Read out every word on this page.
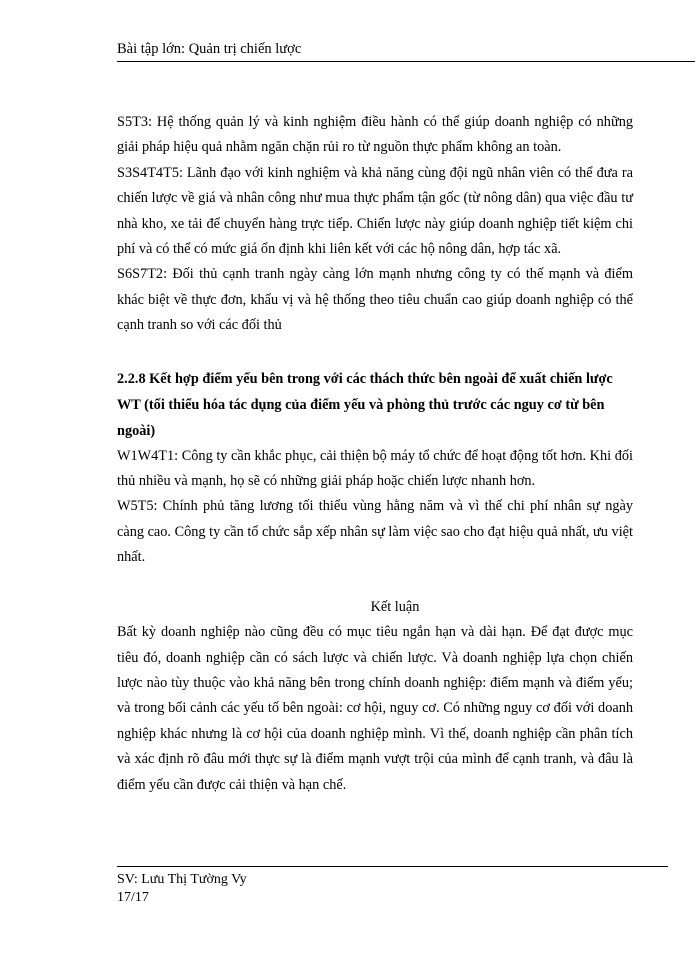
Bài tập lớn: Quản trị chiến lược

S5T3: Hệ thống quản lý và kinh nghiệm điều hành có thể giúp doanh nghiệp có những giải pháp hiệu quả nhằm ngăn chặn rủi ro từ nguồn thực phẩm không an toàn.

S3S4T4T5: Lãnh đạo với kinh nghiệm và khả năng cùng đội ngũ nhân viên có thể đưa ra chiến lược về giá và nhân công như mua thực phẩm tận gốc (từ nông dân) qua việc đầu tư nhà kho, xe tải để chuyển hàng trực tiếp. Chiến lược này giúp doanh nghiệp tiết kiệm chi phí và có thể có mức giá ổn định khi liên kết với các hộ nông dân, hợp tác xã.

S6S7T2: Đối thủ cạnh tranh ngày càng lớn mạnh nhưng công ty có thế mạnh và điểm khác biệt về thực đơn, khẩu vị và hệ thống theo tiêu chuẩn cao giúp doanh nghiệp có thể cạnh tranh so với các đối thủ

2.2.8 Kết hợp điểm yếu bên trong với các thách thức bên ngoài để xuất chiến lược WT (tối thiểu hóa tác dụng của điểm yếu và phòng thủ trước các nguy cơ từ bên ngoài)

W1W4T1: Công ty cần khắc phục, cải thiện bộ máy tổ chức để hoạt động tốt hơn. Khi đối thủ nhiều và mạnh, họ sẽ có những giải pháp hoặc chiến lược nhanh hơn.

W5T5: Chính phủ tăng lương tối thiểu vùng hằng năm và vì thế chi phí nhân sự ngày càng cao. Công ty cần tổ chức sắp xếp nhân sự làm việc sao cho đạt hiệu quả nhất, ưu việt nhất.

Kết luận

Bất kỳ doanh nghiệp nào cũng đều có mục tiêu ngắn hạn và dài hạn. Để đạt được mục tiêu đó, doanh nghiệp cần có sách lược và chiến lược. Và doanh nghiệp lựa chọn chiến lược nào tùy thuộc vào khả năng bên trong chính doanh nghiệp: điểm mạnh và điểm yếu; và trong bối cảnh các yếu tố bên ngoài: cơ hội, nguy cơ. Có những nguy cơ đối với doanh nghiệp khác nhưng là cơ hội của doanh nghiệp mình. Vì thế, doanh nghiệp cần phân tích và xác định rõ đâu mới thực sự là điểm mạnh vượt trội của mình để cạnh tranh, và đâu là điểm yếu cần được cải thiện và hạn chế.

SV: Lưu Thị Tường Vy
17/17
